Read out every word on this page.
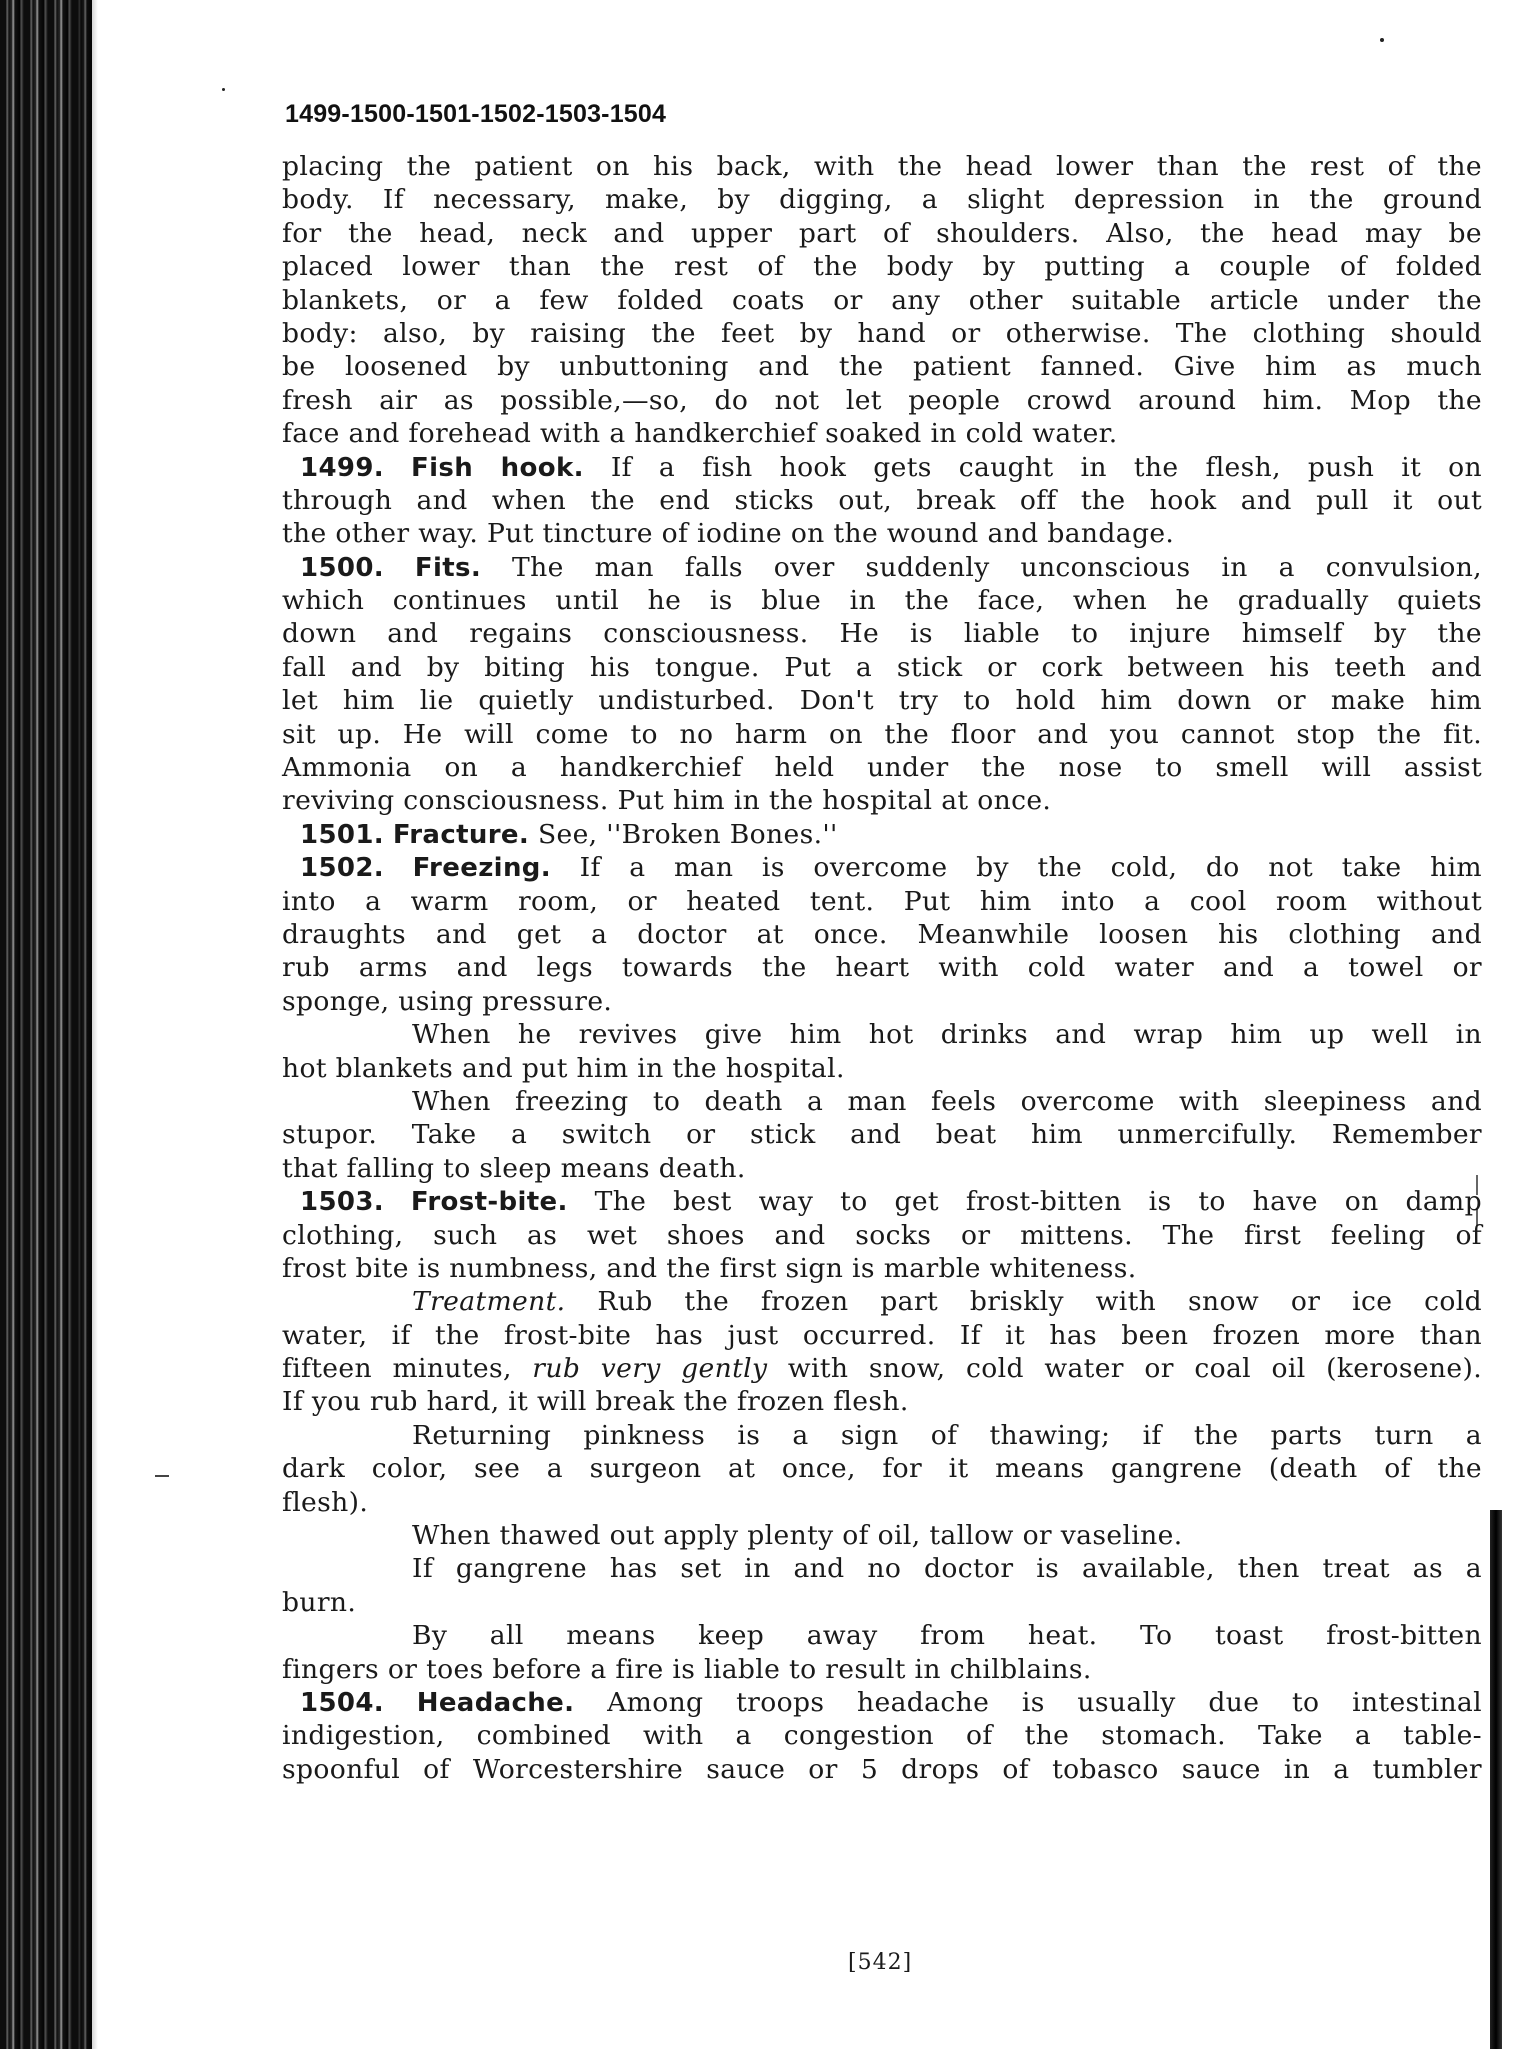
1499-1500-1501-1502-1503-1504
placing the patient on his back, with the head lower than the rest of the
body. If necessary, make, by digging, a slight depression in the ground
for the head, neck and upper part of shoulders. Also, the head may be
placed lower than the rest of the body by putting a couple of folded
blankets, or a few folded coats or any other suitable article under the
body: also, by raising the feet by hand or otherwise. The clothing should
be loosened by unbuttoning and the patient fanned. Give him as much
fresh air as possible,—so, do not let people crowd around him. Mop the
face and forehead with a handkerchief soaked in cold water.
1499. Fish hook. If a fish hook gets caught in the flesh, push it on
through and when the end sticks out, break off the hook and pull it out
the other way. Put tincture of iodine on the wound and bandage.
1500. Fits. The man falls over suddenly unconscious in a convulsion,
which continues until he is blue in the face, when he gradually quiets
down and regains consciousness. He is liable to injure himself by the
fall and by biting his tongue. Put a stick or cork between his teeth and
let him lie quietly undisturbed. Don't try to hold him down or make him
sit up. He will come to no harm on the floor and you cannot stop the fit.
Ammonia on a handkerchief held under the nose to smell will assist
reviving consciousness. Put him in the hospital at once.
1501. Fracture. See, ''Broken Bones.''
1502. Freezing. If a man is overcome by the cold, do not take him
into a warm room, or heated tent. Put him into a cool room without
draughts and get a doctor at once. Meanwhile loosen his clothing and
rub arms and legs towards the heart with cold water and a towel or
sponge, using pressure.
When he revives give him hot drinks and wrap him up well in
hot blankets and put him in the hospital.
When freezing to death a man feels overcome with sleepiness and
stupor. Take a switch or stick and beat him unmercifully. Remember
that falling to sleep means death.
1503. Frost-bite. The best way to get frost-bitten is to have on damp
clothing, such as wet shoes and socks or mittens. The first feeling of
frost bite is numbness, and the first sign is marble whiteness.
Treatment. Rub the frozen part briskly with snow or ice cold
water, if the frost-bite has just occurred. If it has been frozen more than
fifteen minutes, rub very gently with snow, cold water or coal oil (kerosene).
If you rub hard, it will break the frozen flesh.
Returning pinkness is a sign of thawing; if the parts turn a
dark color, see a surgeon at once, for it means gangrene (death of the
flesh).
When thawed out apply plenty of oil, tallow or vaseline.
If gangrene has set in and no doctor is available, then treat as a
burn.
By all means keep away from heat. To toast frost-bitten
fingers or toes before a fire is liable to result in chilblains.
1504. Headache. Among troops headache is usually due to intestinal
indigestion, combined with a congestion of the stomach. Take a table-
spoonful of Worcestershire sauce or 5 drops of tobasco sauce in a tumbler
[542]
